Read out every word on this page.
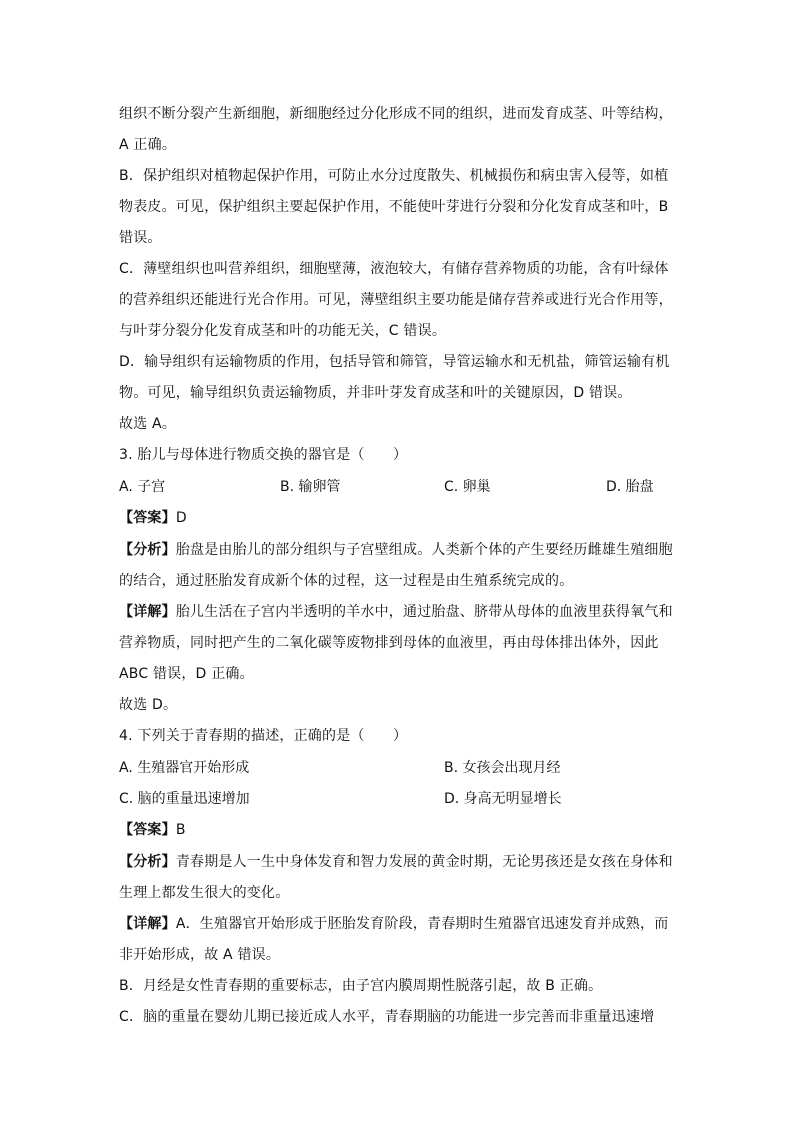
组织不断分裂产生新细胞，新细胞经过分化形成不同的组织，进而发育成茎、叶等结构，
A 正确。
B．保护组织对植物起保护作用，可防止水分过度散失、机械损伤和病虫害入侵等，如植
物表皮。可见，保护组织主要起保护作用，不能使叶芽进行分裂和分化发育成茎和叶，B
错误。
C．薄壁组织也叫营养组织，细胞壁薄，液泡较大，有储存营养物质的功能，含有叶绿体
的营养组织还能进行光合作用。可见，薄壁组织主要功能是储存营养或进行光合作用等，
与叶芽分裂分化发育成茎和叶的功能无关，C 错误。
D．输导组织有运输物质的作用，包括导管和筛管，导管运输水和无机盐，筛管运输有机
物。可见，输导组织负责运输物质，并非叶芽发育成茎和叶的关键原因，D 错误。
故选 A。
3. 胎儿与母体进行物质交换的器官是（　　）
A. 子宫	B. 输卵管	C. 卵巢	D. 胎盘
【答案】D
【分析】胎盘是由胎儿的部分组织与子宫壁组成。人类新个体的产生要经历雌雄生殖细胞
的结合，通过胚胎发育成新个体的过程，这一过程是由生殖系统完成的。
【详解】胎儿生活在子宫内半透明的羊水中，通过胎盘、脐带从母体的血液里获得氧气和
营养物质，同时把产生的二氧化碳等废物排到母体的血液里，再由母体排出体外，因此
ABC 错误，D 正确。
故选 D。
4. 下列关于青春期的描述，正确的是（　　）
A. 生殖器官开始形成	B. 女孩会出现月经
C. 脑的重量迅速增加	D. 身高无明显增长
【答案】B
【分析】青春期是人一生中身体发育和智力发展的黄金时期，无论男孩还是女孩在身体和
生理上都发生很大的变化。
【详解】A．生殖器官开始形成于胚胎发育阶段，青春期时生殖器官迅速发育并成熟，而
非开始形成，故 A 错误。
B．月经是女性青春期的重要标志，由子宫内膜周期性脱落引起，故 B 正确。
C．脑的重量在婴幼儿期已接近成人水平，青春期脑的功能进一步完善而非重量迅速增
